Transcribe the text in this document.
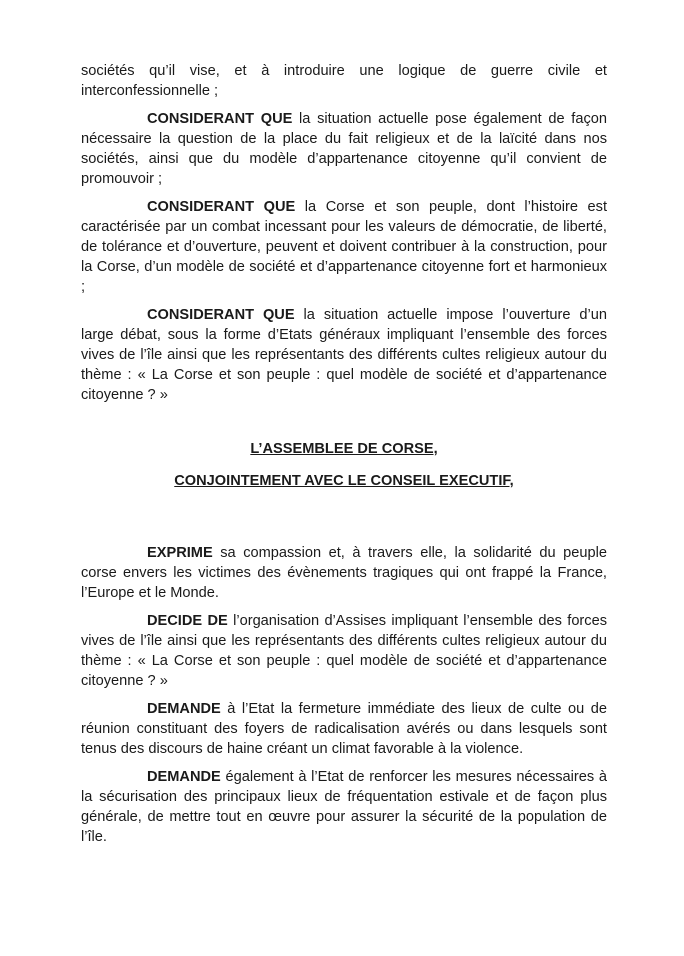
sociétés qu’il vise, et à introduire une logique de guerre civile et interconfessionnelle ;

CONSIDERANT QUE la situation actuelle pose également de façon nécessaire la question de la place du fait religieux et de la laïcité dans nos sociétés, ainsi que du modèle d’appartenance citoyenne qu’il convient de promouvoir ;

CONSIDERANT QUE la Corse et son peuple, dont l’histoire est caractérisée par un combat incessant pour les valeurs de démocratie, de liberté, de tolérance et d’ouverture, peuvent et doivent contribuer à la construction, pour la Corse, d’un modèle de société et d’appartenance citoyenne fort et harmonieux ;

CONSIDERANT QUE la situation actuelle impose l’ouverture d’un large débat, sous la forme d’Etats généraux impliquant l’ensemble des forces vives de l’île ainsi que les représentants des différents cultes religieux autour du thème : « La Corse et son peuple : quel modèle de société et d’appartenance citoyenne ? »

L’ASSEMBLEE DE CORSE,

CONJOINTEMENT AVEC LE CONSEIL EXECUTIF,

EXPRIME sa compassion et, à travers elle, la solidarité du peuple corse envers les victimes des évènements tragiques qui ont frappé la France, l’Europe et le Monde.

DECIDE DE l’organisation d’Assises impliquant l’ensemble des forces vives de l’île ainsi que les représentants des différents cultes religieux autour du thème : « La Corse et son peuple : quel modèle de société et d’appartenance citoyenne ? »

DEMANDE à l’Etat la fermeture immédiate des lieux de culte ou de réunion constituant des foyers de radicalisation avérés ou dans lesquels sont tenus des discours de haine créant un climat favorable à la violence.

DEMANDE également à l’Etat de renforcer les mesures nécessaires à la sécurisation des principaux lieux de fréquentation estivale et de façon plus générale, de mettre tout en œuvre pour assurer la sécurité de la population de l’île.
